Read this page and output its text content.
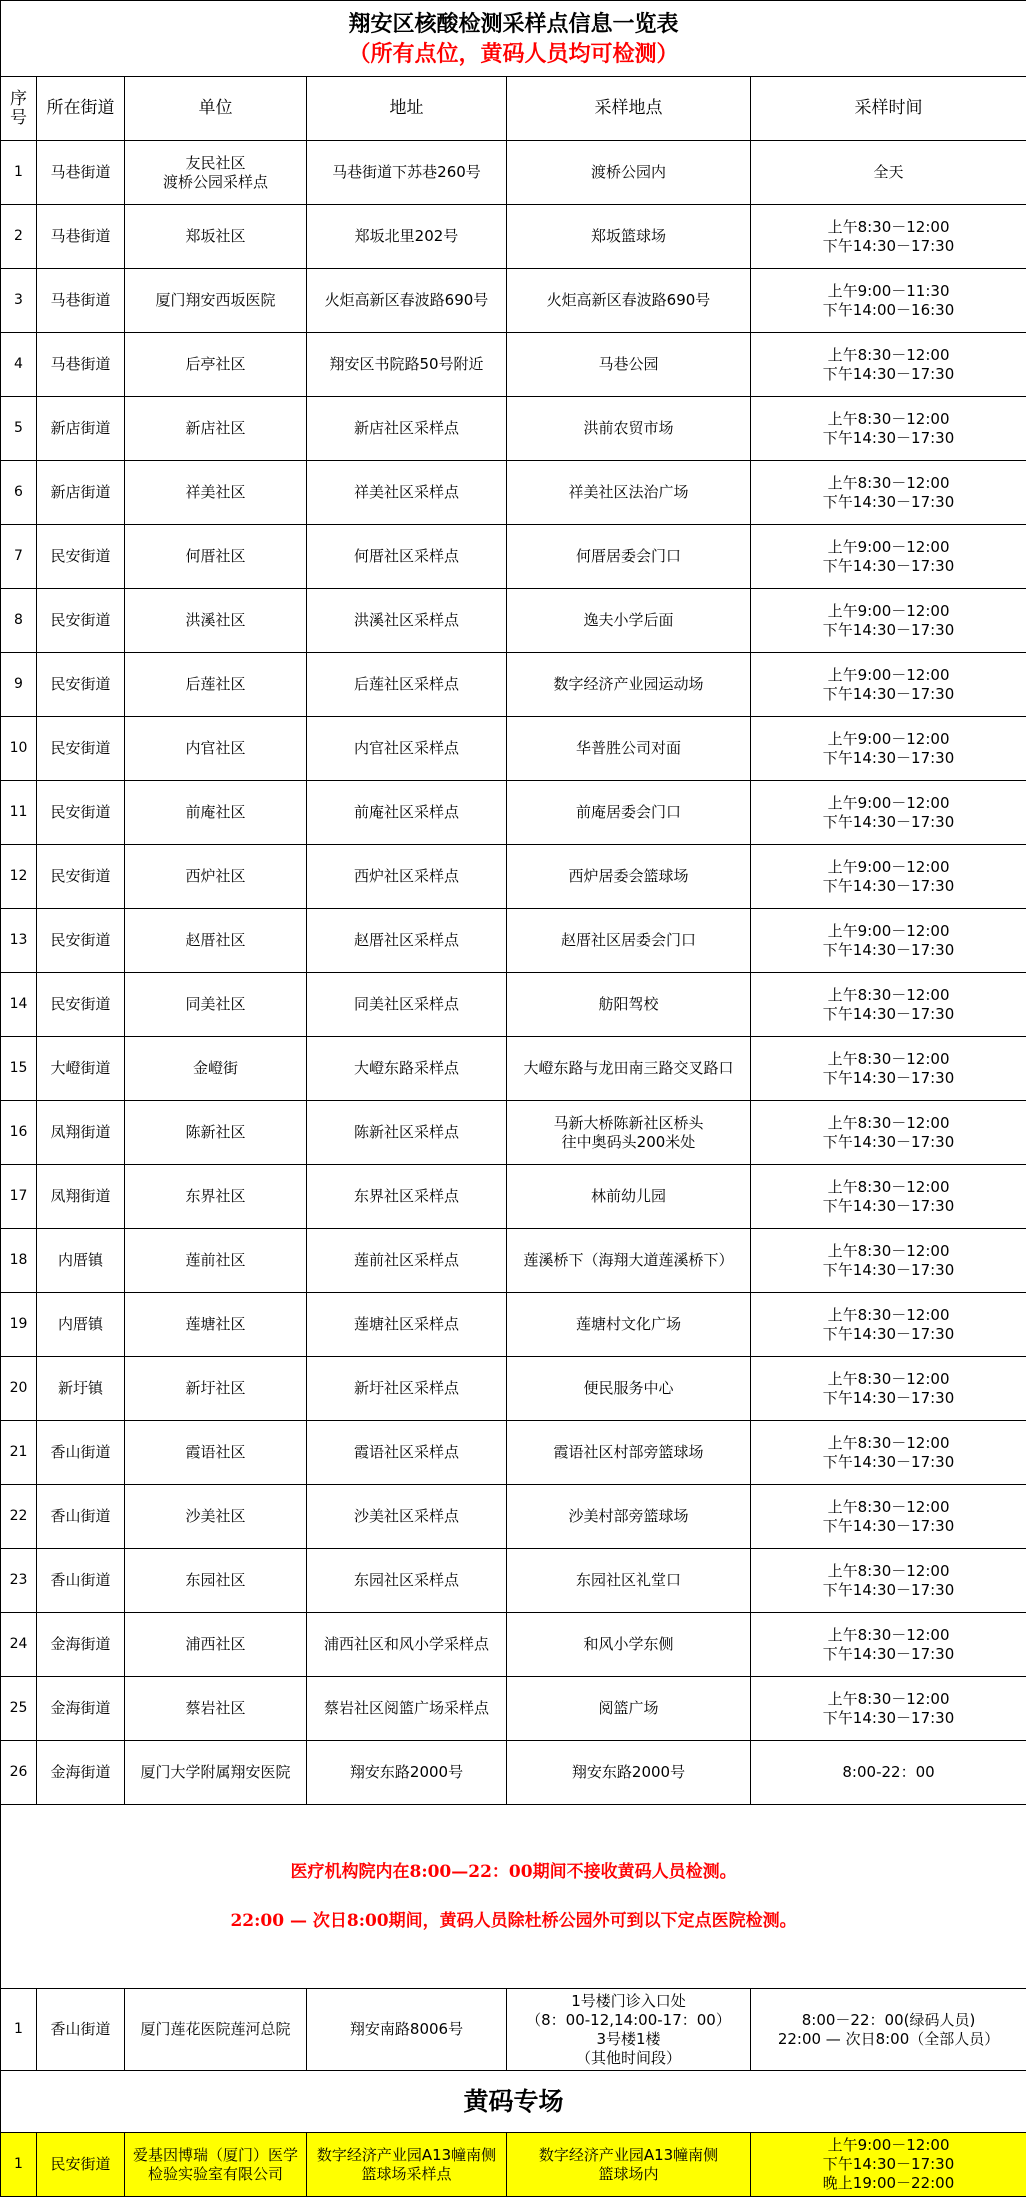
翔安区核酸检测采样点信息一览表
（所有点位，黄码人员均可检测）					

序号	所在街道	单位	地址	采样地点	采样时间
1	马巷街道	友民社区
渡桥公园采样点	马巷街道下苏巷260号	渡桥公园内	全天

2	马巷街道	郑坂社区	郑坂北里202号	郑坂篮球场	上午8:30－12:00
下午14:30－17:30

3	马巷街道	厦门翔安西坂医院	火炬高新区春波路690号	火炬高新区春波路690号	上午9:00－11:30
下午14:00－16:30

4	马巷街道	后亭社区	翔安区书院路50号附近	马巷公园	上午8:30－12:00
下午14:30－17:30

5	新店街道	新店社区	新店社区采样点	洪前农贸市场	上午8:30－12:00
下午14:30－17:30

6	新店街道	祥美社区	祥美社区采样点	祥美社区法治广场	上午8:30－12:00
下午14:30－17:30

7	民安街道	何厝社区	何厝社区采样点	何厝居委会门口	上午9:00－12:00
下午14:30－17:30

8	民安街道	洪溪社区	洪溪社区采样点	逸夫小学后面	上午9:00－12:00
下午14:30－17:30

9	民安街道	后莲社区	后莲社区采样点	数字经济产业园运动场	上午9:00－12:00
下午14:30－17:30

10	民安街道	内官社区	内官社区采样点	华普胜公司对面	上午9:00－12:00
下午14:30－17:30

11	民安街道	前庵社区	前庵社区采样点	前庵居委会门口	上午9:00－12:00
下午14:30－17:30

12	民安街道	西炉社区	西炉社区采样点	西炉居委会篮球场	上午9:00－12:00
下午14:30－17:30

13	民安街道	赵厝社区	赵厝社区采样点	赵厝社区居委会门口	上午9:00－12:00
下午14:30－17:30

14	民安街道	同美社区	同美社区采样点	舫阳驾校	上午8:30－12:00
下午14:30－17:30

15	大嶝街道	金嶝街	大嶝东路采样点	大嶝东路与龙田南三路交叉路口	上午8:30－12:00
下午14:30－17:30

16	凤翔街道	陈新社区	陈新社区采样点	马新大桥陈新社区桥头
往中奥码头200米处	上午8:30－12:00
下午14:30－17:30

17	凤翔街道	东界社区	东界社区采样点	林前幼儿园	上午8:30－12:00
下午14:30－17:30

18	内厝镇	莲前社区	莲前社区采样点	莲溪桥下（海翔大道莲溪桥下）	上午8:30－12:00
下午14:30－17:30

19	内厝镇	莲塘社区	莲塘社区采样点	莲塘村文化广场	上午8:30－12:00
下午14:30－17:30

20	新圩镇	新圩社区	新圩社区采样点	便民服务中心	上午8:30－12:00
下午14:30－17:30

21	香山街道	霞语社区	霞语社区采样点	霞语社区村部旁篮球场	上午8:30－12:00
下午14:30－17:30

22	香山街道	沙美社区	沙美社区采样点	沙美村部旁篮球场	上午8:30－12:00
下午14:30－17:30

23	香山街道	东园社区	东园社区采样点	东园社区礼堂口	上午8:30－12:00
下午14:30－17:30

24	金海街道	浦西社区	浦西社区和风小学采样点	和风小学东侧	上午8:30－12:00
下午14:30－17:30

25	金海街道	蔡岩社区	蔡岩社区阅篮广场采样点	阅篮广场	上午8:30－12:00
下午14:30－17:30

26	金海街道	厦门大学附属翔安医院	翔安东路2000号	翔安东路2000号	8:00-22：00

医疗机构院内在8:00—22：00期间不接收黄码人员检测。
22:00 — 次日8:00期间，黄码人员除杜桥公园外可到以下定点医院检测。					

1	香山街道	厦门莲花医院莲河总院	翔安南路8006号	1号楼门诊入口处
（8：00-12,14:00-17：00）
3号楼1楼
（其他时间段）	8:00－22：00(绿码人员)
22:00 — 次日8:00（全部人员）

黄码专场					
1	民安街道	爱基因博瑞（厦门）医学
检验实验室有限公司	数字经济产业园A13幢南侧
篮球场采样点	数字经济产业园A13幢南侧
篮球场内	上午9:00－12:00
下午14:30－17:30
晚上19:00－22:00
